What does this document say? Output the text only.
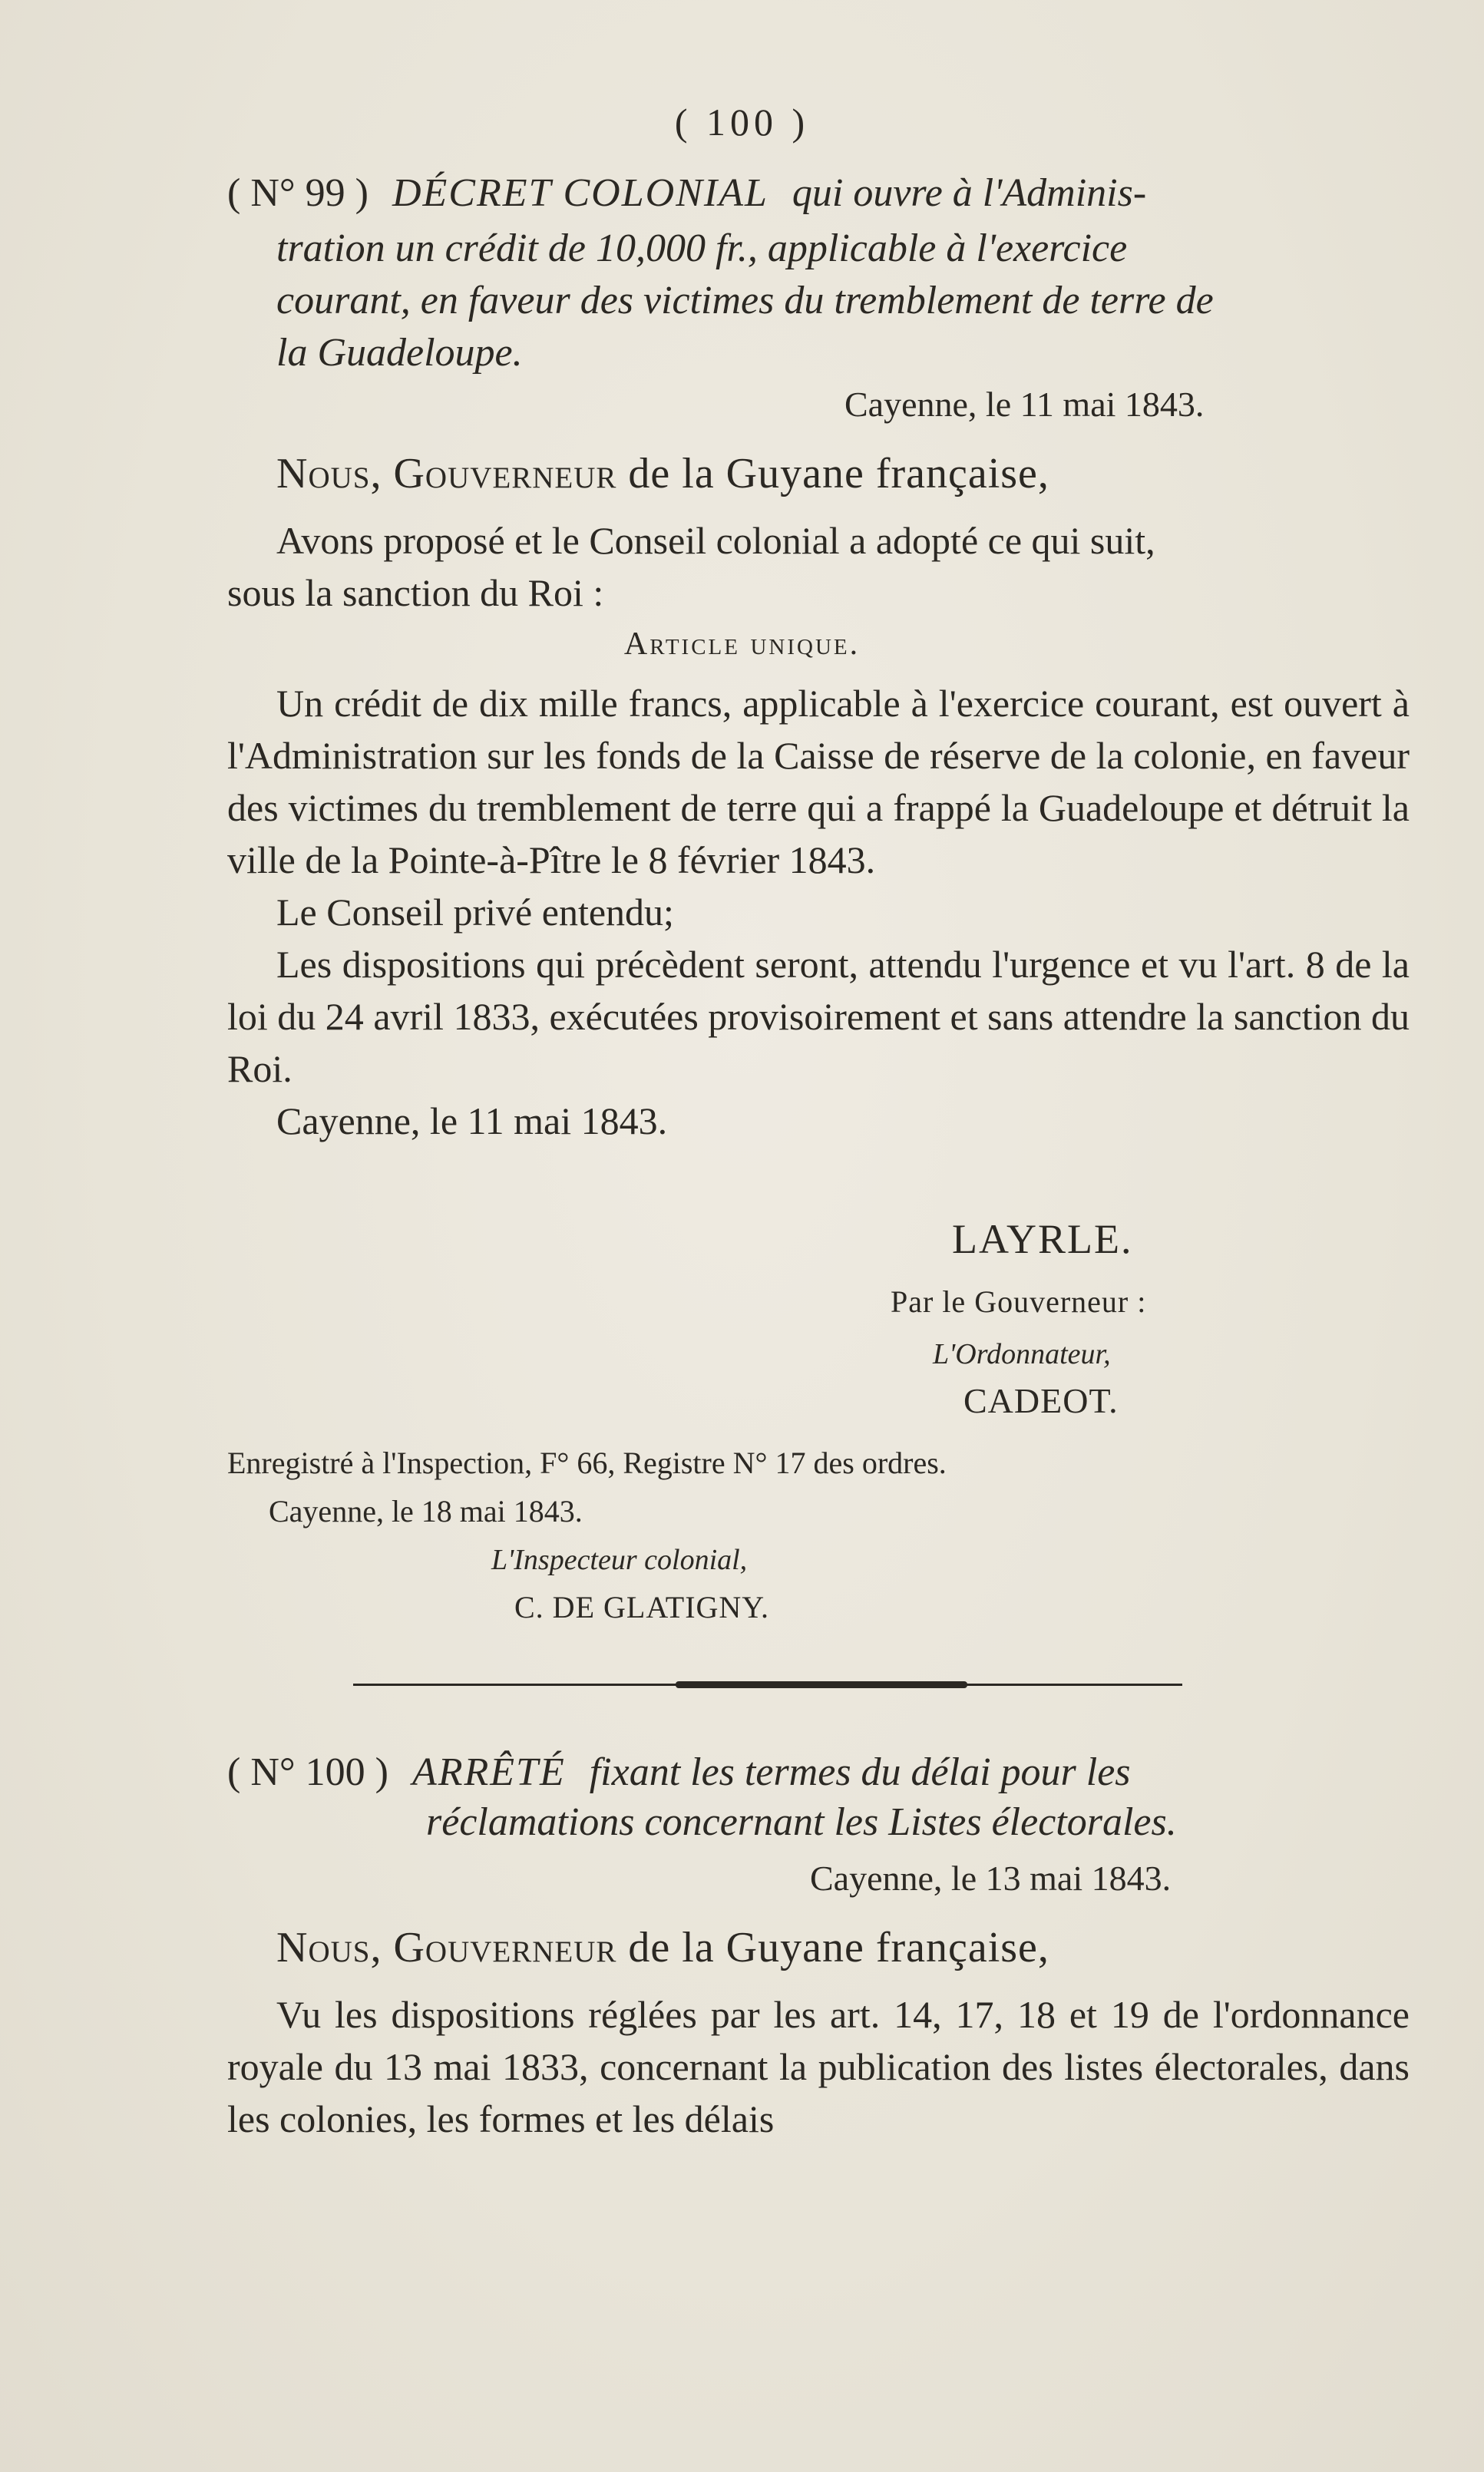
( 100 )
( N° 99 ) DÉCRET COLONIAL qui ouvre à l'Adminis-
tration un crédit de 10,000 fr., applicable à l'exercice
courant, en faveur des victimes du tremblement de terre de
la Guadeloupe.
Cayenne, le 11 mai 1843.
Nous, Gouverneur de la Guyane française,

Avons proposé et le Conseil colonial a adopté ce qui suit,

sous la sanction du Roi :

Article unique.

Un crédit de dix mille francs, applicable à l'exercice courant, est ouvert à l'Administration sur les fonds de la Caisse de réserve de la colonie, en faveur des victimes du tremblement de terre qui a frappé la Guadeloupe et détruit la ville de la Pointe-à-Pître le 8 février 1843.

Le Conseil privé entendu;

Les dispositions qui précèdent seront, attendu l'urgence et vu l'art. 8 de la loi du 24 avril 1833, exécutées provisoirement et sans attendre la sanction du Roi.

Cayenne, le 11 mai 1843.

LAYRLE.
Par le Gouverneur :
L'Ordonnateur,
CADEOT.
Enregistré à l'Inspection, F° 66, Registre N° 17 des ordres.
Cayenne, le 18 mai 1843.
L'Inspecteur colonial,
C. DE GLATIGNY.
( N° 100 ) ARRÊTÉ fixant les termes du délai pour les
réclamations concernant les Listes électorales.
Cayenne, le 13 mai 1843.
Nous, Gouverneur de la Guyane française,

Vu les dispositions réglées par les art. 14, 17, 18 et 19 de l'ordonnance royale du 13 mai 1833, concernant la publication des listes électorales, dans les colonies, les formes et les délais
